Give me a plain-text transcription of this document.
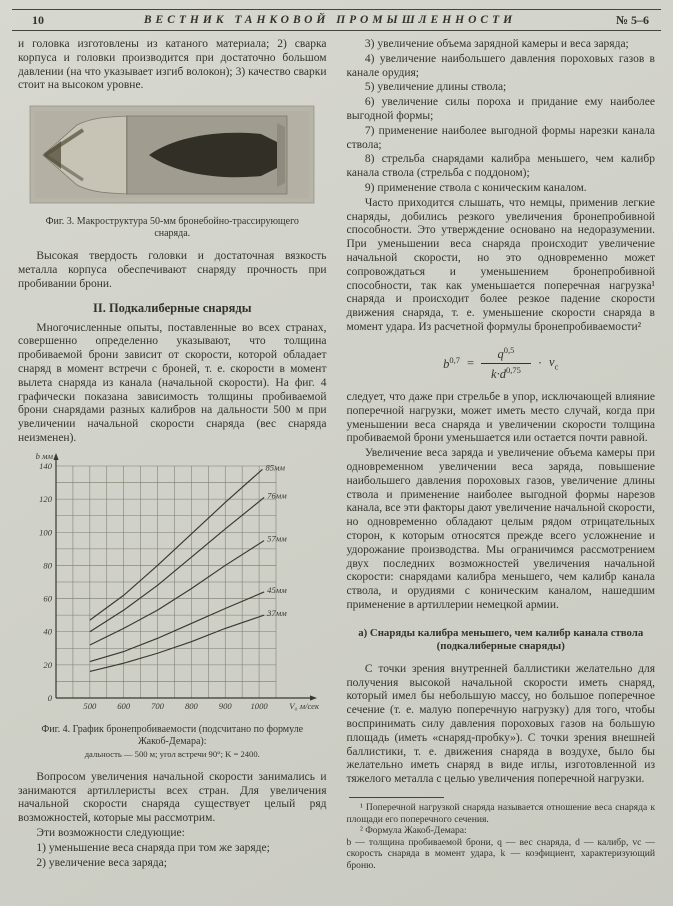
10	ВЕСТНИК ТАНКОВОЙ ПРОМЫШЛЕННОСТИ	№ 5–6

и головка изготовлены из катаного материала; 2) сварка корпуса и головки производится при достаточно большом давлении (на что указывает изгиб волокон); 3) качество сварки стоит на высоком уровне.

Фиг. 3. Макроструктура 50-мм бронебойно-трассирующего снаряда.

Высокая твердость головки и достаточная вязкость металла корпуса обеспечивают снаряду прочность при пробивании брони.

II. Подкалиберные снаряды

Многочисленные опыты, поставленные во всех странах, совершенно определенно указывают, что толщина пробиваемой брони зависит от скорости, которой обладает снаряд в момент встречи с броней, т. е. скорости в момент вылета снаряда из канала (начальной скорости). На фиг. 4 графически показана зависимость толщины пробиваемой брони снарядами разных калибров на дальности 500 м при увеличении начальной скорости снаряда (вес снаряда неизменен).

0
20
40
60
80
100
120
140
500 600 700 800 900 1000
b мм
V₀ м/сек
85мм
76мм
57мм
45мм
37мм
Фиг. 4. График бронепробиваемости (подсчитано по формуле Жакоб-Демара):
дальность — 500 м; угол встречи 90°; K = 2400.

Вопросом увеличения начальной скорости занимались и занимаются артиллеристы всех стран. Для увеличения начальной скорости снаряда существует целый ряд возможностей, которые мы рассмотрим.

Эти возможности следующие:

1) уменьшение веса снаряда при том же заряде;

2) увеличение веса заряда;

3) увеличение объема зарядной камеры и веса заряда;

4) увеличение наибольшего давления пороховых газов в канале орудия;

5) увеличение длины ствола;

6) увеличение силы пороха и придание ему наиболее выгодной формы;

7) применение наиболее выгодной формы нарезки канала ствола;

8) стрельба снарядами калибра меньшего, чем калибр канала ствола (стрельба с поддоном);

9) применение ствола с коническим каналом.

Часто приходится слышать, что немцы, применив легкие снаряды, добились резкого увеличения бронепробивной способности. Это утверждение основано на недоразумении. При уменьшении веса снаряда происходит увеличение начальной скорости, но это одновременно может сопровождаться и уменьшением бронепробивной способности, так как уменьшается поперечная нагрузка¹ снаряда и происходит более резкое падение скорости движения снаряда, т. е. уменьшение скорости снаряда в момент удара. Из расчетной формулы бронепробиваемости²

$b^{0,7} = \frac{q^{0,5}}{k\cdot d^{0,75}} \cdot v_c$

следует, что даже при стрельбе в упор, исключающей влияние поперечной нагрузки, может иметь место случай, когда при уменьшении веса снаряда и увеличении скорости толщина пробиваемой брони уменьшается или остается почти равной.

Увеличение веса заряда и увеличение объема камеры при одновременном увеличении веса заряда, повышение наибольшего давления пороховых газов, увеличение длины ствола и применение наиболее выгодной формы нарезов канала, все эти факторы дают увеличение начальной скорости, но одновременно обладают целым рядом отрицательных сторон, к которым относятся прежде всего усложнение и удорожание производства. Мы ограничимся рассмотрением двух последних возможностей увеличения начальной скорости: снарядами калибра меньшего, чем калибр канала ствола, и орудиями с коническим каналом, нашедшим применение в артиллерии немецкой армии.

а) Снаряды калибра меньшего, чем калибр канала ствола
(подкалиберные снаряды)

С точки зрения внутренней баллистики желательно для получения высокой начальной скорости иметь снаряд, который имел бы небольшую массу, но большое поперечное сечение (т. е. малую поперечную нагрузку) для того, чтобы воспринимать силу давления пороховых газов на большую площадь (иметь «снаряд-пробку»). С точки зрения внешней баллистики, т. е. движения снаряда в воздухе, было бы желательно иметь снаряд в виде иглы, изготовленной из тяжелого металла с целью увеличения поперечной нагрузки.

¹ Поперечной нагрузкой снаряда называется отношение веса снаряда к площади его поперечного сечения.

² Формула Жакоб-Демара:

b — толщина пробиваемой брони, q — вес снаряда, d — калибр, vc — скорость снаряда в момент удара, k — коэфициент, характеризующий броню.
